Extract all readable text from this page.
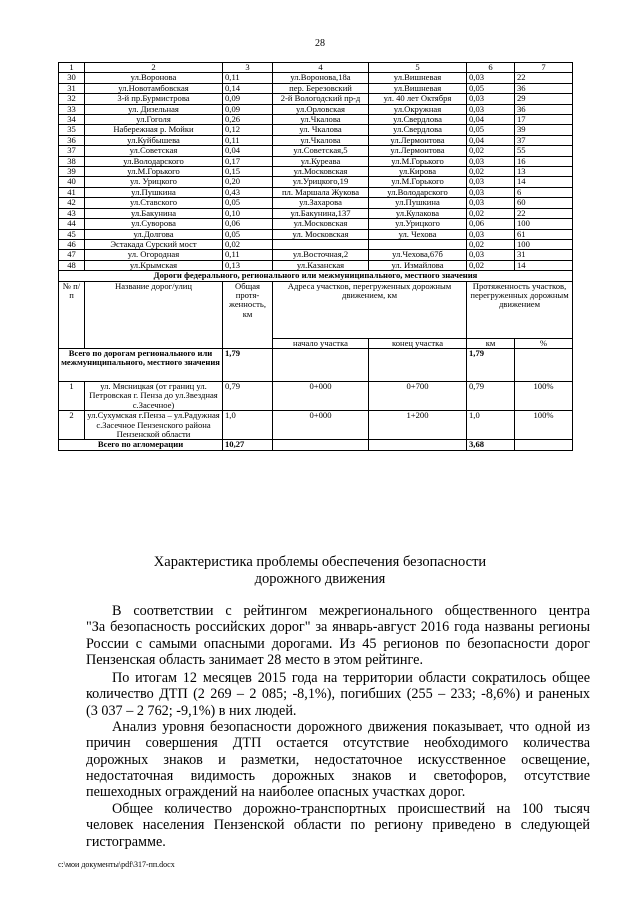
28
1	2	3	4	5	6	7
30	ул.Воронова	0,11	ул.Воронова,18а	ул.Вишневая	0,03	22
31	ул.Новотамбовская	0,14	пер. Березовский	ул.Вишневая	0,05	36
32	3-й пр.Бурмистрова	0,09	2-й Вологодский пр-д	ул. 40 лет Октября	0,03	29
33	ул. Дизельная	0,09	ул.Орловская	ул.Окружная	0,03	36
34	ул.Гоголя	0,26	ул.Чкалова	ул.Свердлова	0,04	17
35	Набережная р. Мойки	0,12	ул. Чкалова	ул.Свердлова	0,05	39
36	ул.Куйбышева	0,11	ул.Чкалова	ул.Лермонтова	0,04	37
37	ул.Советская	0,04	ул.Советская,5	ул.Лермонтова	0,02	55
38	ул.Володарского	0,17	ул.Куреава	ул.М.Горького	0,03	16
39	ул.М.Горького	0,15	ул.Московская	ул.Кирова	0,02	13
40	ул. Урицкого	0,20	ул.Урицкого,19	ул.М.Горького	0,03	14
41	ул.Пушкина	0,43	пл. Маршала Жукова	ул.Володарского	0,03	6
42	ул.Ставского	0,05	ул.Захарова	ул.Пушкина	0,03	60
43	ул.Бакунина	0,10	ул.Бакунина,137	ул.Кулакова	0,02	22
44	ул.Суворова	0,06	ул.Московская	ул.Урицкого	0,06	100
45	ул.Долгова	0,05	ул. Московская	ул. Чехова	0,03	61
46	Эстакада Сурский мост	0,02			0,02	100
47	ул. Огородная	0,11	ул.Восточная,2	ул.Чехова,67б	0,03	31
48	ул.Крымская	0,13	ул.Казанская	ул. Измайлова	0,02	14
Дороги федерального, регионального или межмуниципального, местного значения						
№ п/п	Название дорог/улиц	Общая протя-женность, км	Адреса участков, перегруженных дорожным движением, км		Протяженность участков, перегруженных дорожным движением	
			начало участка	конец участка	км	%
Всего по дорогам регионального или межмуниципального, местного значения		1,79			1,79	
1	ул. Мясницкая (от границ ул. Петровская г. Пенза до ул.Звездная с.Засечное)	0,79	0+000	0+700	0,79	100%
2	ул.Сухумская г.Пенза – ул.Радужная с.Засечное Пензенского района Пензенской области	1,0	0+000	1+200	1,0	100%
Всего по агломерации		10,27			3,68	
Характеристика проблемы обеспечения безопасности
дорожного движения
В соответствии с рейтингом межрегионального общественного центра
"За безопасность российских дорог" за январь-август 2016 года названы регионы
России с самыми опасными дорогами. Из 45 регионов по безопасности дорог
Пензенская область занимает 28 место в этом рейтинге.
По итогам 12 месяцев 2015 года на территории области сократилось общее
количество ДТП (2 269 – 2 085; -8,1%), погибших (255 – 233; -8,6%) и раненых
(3 037 – 2 762; -9,1%) в них людей.
Анализ уровня безопасности дорожного движения показывает, что одной из
причин совершения ДТП остается отсутствие необходимого количества
дорожных знаков и разметки, недостаточное искусственное освещение,
недостаточная видимость дорожных знаков и светофоров, отсутствие
пешеходных ограждений на наиболее опасных участках дорог.
Общее количество дорожно-транспортных происшествий на 100 тысяч
человек населения Пензенской области по региону приведено в следующей
гистограмме.
c:\мои документы\pdf\317-пп.docx
